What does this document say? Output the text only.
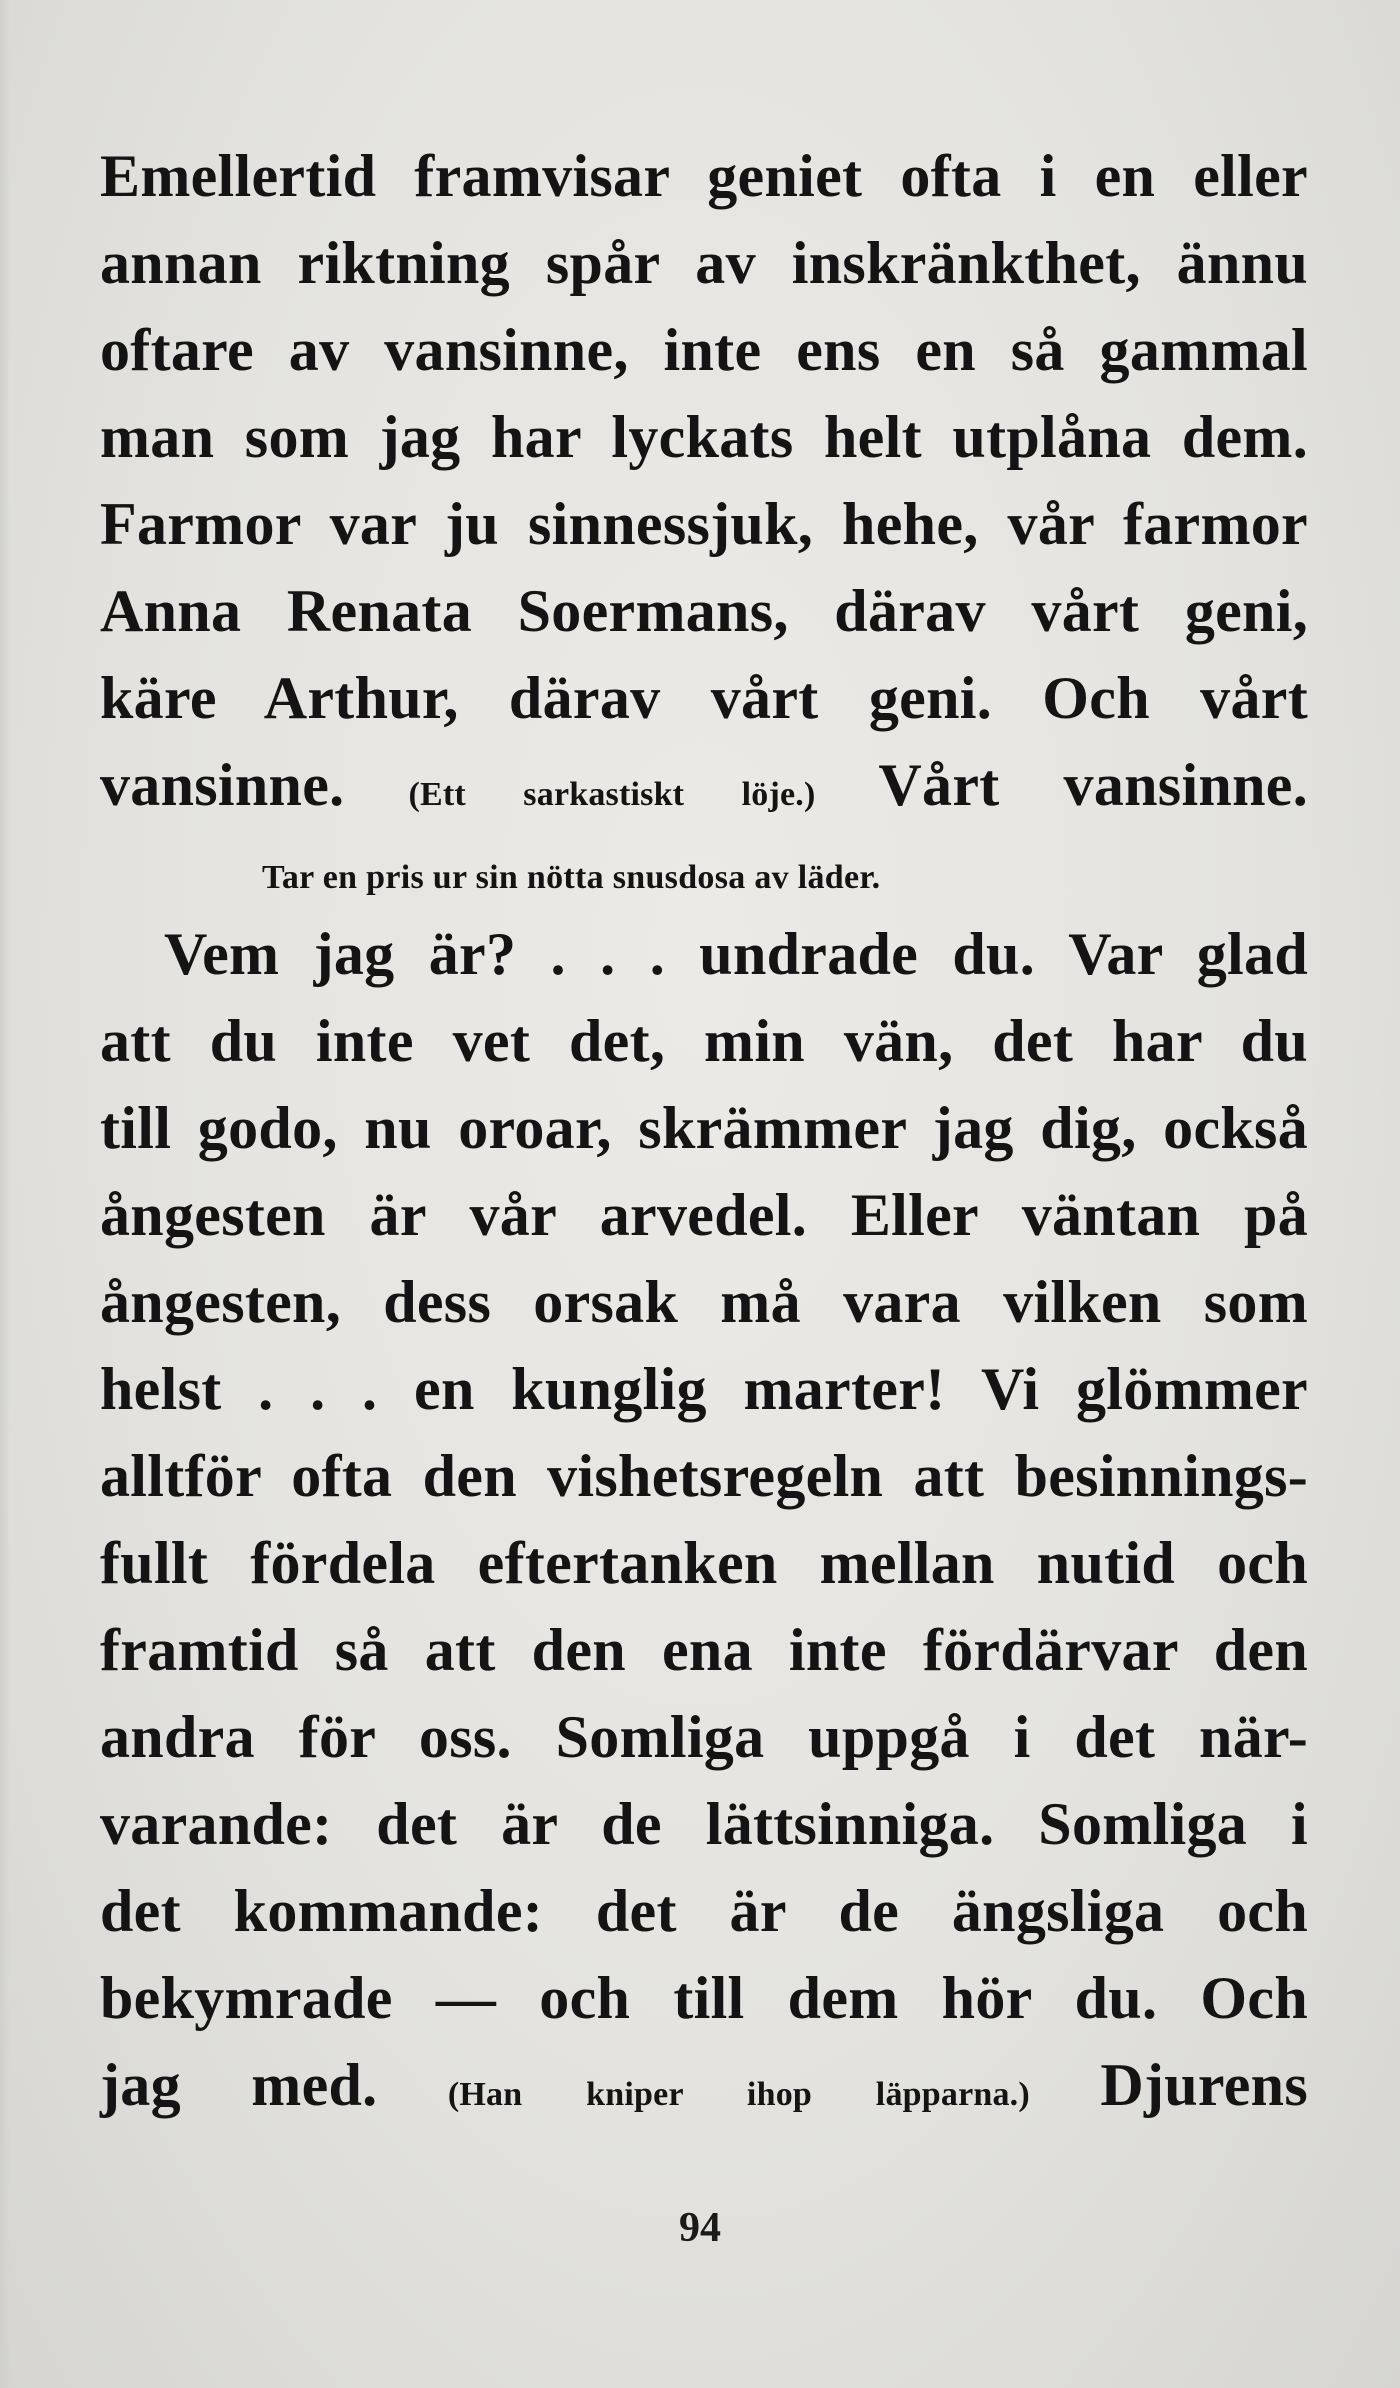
Emellertid framvisar geniet ofta i en eller
annan riktning spår av inskränkthet, ännu
oftare av vansinne, inte ens en så gammal
man som jag har lyckats helt utplåna dem.
Farmor var ju sinnessjuk, hehe, vår farmor
Anna Renata Soermans, därav vårt geni,
käre Arthur, därav vårt geni. Och vårt
vansinne. (Ett sarkastiskt löje.) Vårt vansinne.
Tar en pris ur sin nötta snusdosa av läder.
Vem jag är? . . . undrade du. Var glad
att du inte vet det, min vän, det har du
till godo, nu oroar, skrämmer jag dig, också
ångesten är vår arvedel. Eller väntan på
ångesten, dess orsak må vara vilken som
helst . . . en kunglig marter! Vi glömmer
alltför ofta den vishetsregeln att besinnings-
fullt fördela eftertanken mellan nutid och
framtid så att den ena inte fördärvar den
andra för oss. Somliga uppgå i det när-
varande: det är de lättsinniga. Somliga i
det kommande: det är de ängsliga och
bekymrade — och till dem hör du. Och
jag med. (Han kniper ihop läpparna.) Djurens
94
